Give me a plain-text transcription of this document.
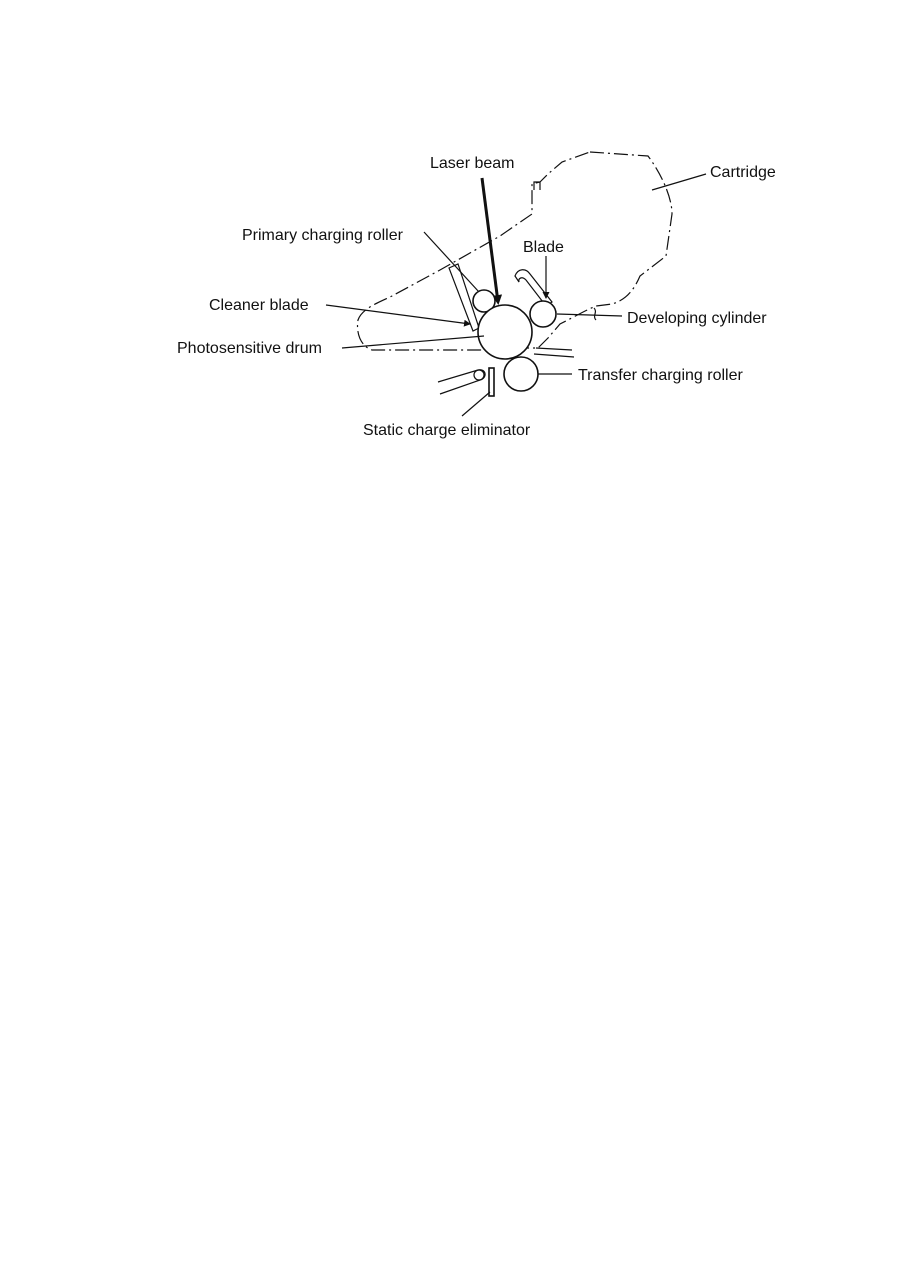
Laser beam
Cartridge
Primary charging roller
Blade
Cleaner blade
Developing cylinder
Photosensitive drum
Transfer charging roller
Static charge eliminator
